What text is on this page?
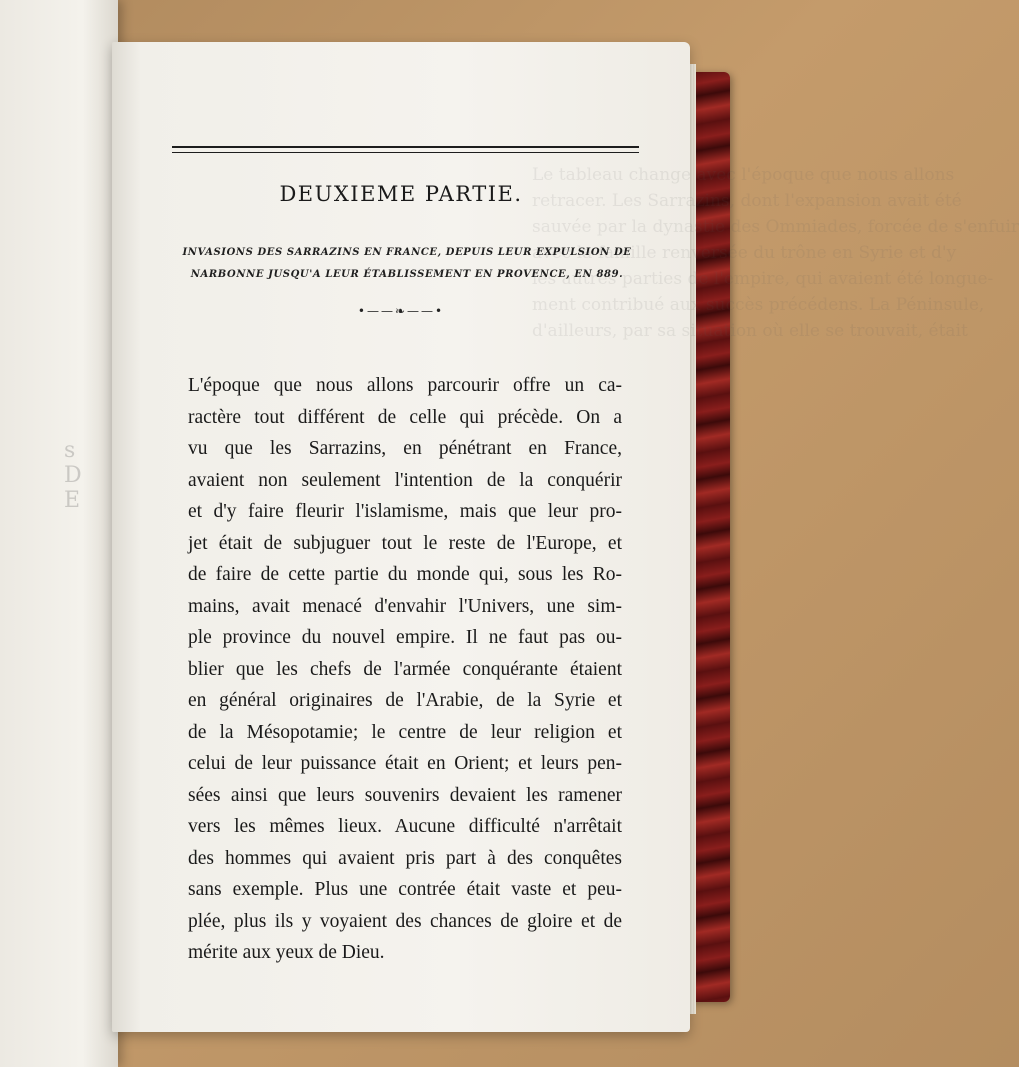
s D E
Le tableau change avec l'époque que nous allons
retracer. Les Sarrazins, dont l'expansion avait été
sauvée par la dynastie des Ommiades, forcée de s'enfuir
avec la famille renversée du trône en Syrie et d'y
les autres parties de l'empire, qui avaient été longue-
ment contribué aux succès précédens. La Péninsule,
d'ailleurs, par sa situation où elle se trouvait, était
DEUXIEME PARTIE.
INVASIONS DES SARRAZINS EN FRANCE, DEPUIS LEUR EXPULSION DE
NARBONNE JUSQU'A LEUR ÉTABLISSEMENT EN PROVENCE, EN 889.
•——❧——•
L'époque que nous allons parcourir offre un ca-
ractère tout différent de celle qui précède. On a
vu que les Sarrazins, en pénétrant en France,
avaient non seulement l'intention de la conquérir
et d'y faire fleurir l'islamisme, mais que leur pro-
jet était de subjuguer tout le reste de l'Europe, et
de faire de cette partie du monde qui, sous les Ro-
mains, avait menacé d'envahir l'Univers, une sim-
ple province du nouvel empire. Il ne faut pas ou-
blier que les chefs de l'armée conquérante étaient
en général originaires de l'Arabie, de la Syrie et
de la Mésopotamie; le centre de leur religion et
celui de leur puissance était en Orient; et leurs pen-
sées ainsi que leurs souvenirs devaient les ramener
vers les mêmes lieux. Aucune difficulté n'arrêtait
des hommes qui avaient pris part à des conquêtes
sans exemple. Plus une contrée était vaste et peu-
plée, plus ils y voyaient des chances de gloire et de
mérite aux yeux de Dieu.
